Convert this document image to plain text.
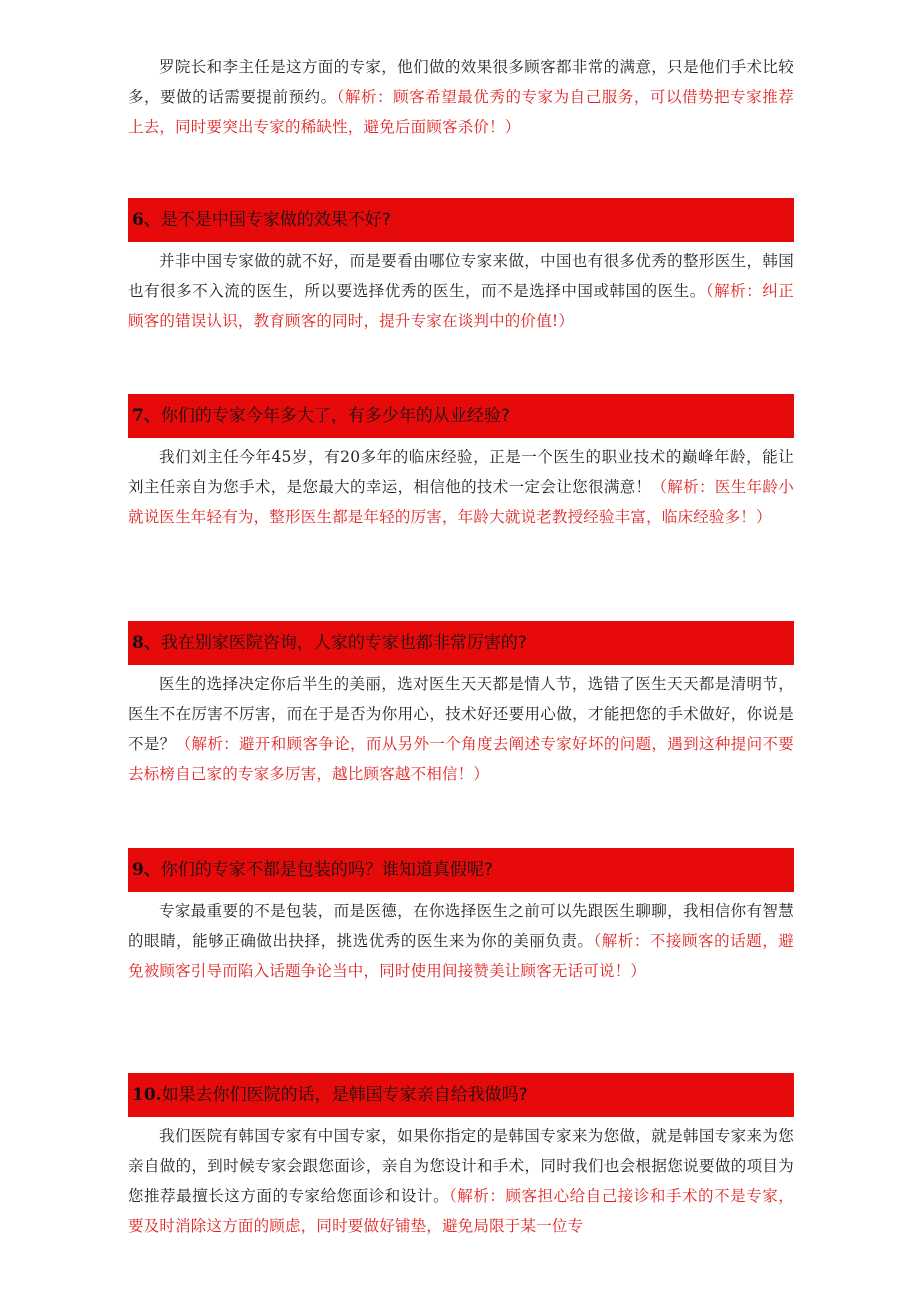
罗院长和李主任是这方面的专家，他们做的效果很多顾客都非常的满意，只是他们手术比较多，要做的话需要提前预约。（解析：顾客希望最优秀的专家为自己服务，可以借势把专家推荐上去，同时要突出专家的稀缺性，避免后面顾客杀价！）

6、是不是中国专家做的效果不好?

并非中国专家做的就不好，而是要看由哪位专家来做，中国也有很多优秀的整形医生，韩国也有很多不入流的医生，所以要选择优秀的医生，而不是选择中国或韩国的医生。（解析：纠正顾客的错误认识，教育顾客的同时，提升专家在谈判中的价值!）

7、你们的专家今年多大了，有多少年的从业经验?

我们刘主任今年45岁，有20多年的临床经验，正是一个医生的职业技术的巅峰年龄，能让刘主任亲自为您手术，是您最大的幸运，相信他的技术一定会让您很满意！（解析：医生年龄小就说医生年轻有为，整形医生都是年轻的厉害，年龄大就说老教授经验丰富，临床经验多！）

8、我在别家医院咨询，人家的专家也都非常厉害的?

医生的选择决定你后半生的美丽，选对医生天天都是情人节，选错了医生天天都是清明节，医生不在厉害不厉害，而在于是否为你用心，技术好还要用心做，才能把您的手术做好，你说是不是？（解析：避开和顾客争论，而从另外一个角度去阐述专家好坏的问题，遇到这种提问不要去标榜自己家的专家多厉害，越比顾客越不相信！）

9、你们的专家不都是包装的吗？谁知道真假呢?

专家最重要的不是包装，而是医德，在你选择医生之前可以先跟医生聊聊，我相信你有智慧的眼睛，能够正确做出抉择，挑选优秀的医生来为你的美丽负责。（解析：不接顾客的话题，避免被顾客引导而陷入话题争论当中，同时使用间接赞美让顾客无话可说！）

10.如果去你们医院的话，是韩国专家亲自给我做吗?

我们医院有韩国专家有中国专家，如果你指定的是韩国专家来为您做，就是韩国专家来为您亲自做的，到时候专家会跟您面诊，亲自为您设计和手术，同时我们也会根据您说要做的项目为您推荐最擅长这方面的专家给您面诊和设计。（解析：顾客担心给自己接诊和手术的不是专家，要及时消除这方面的顾虑，同时要做好铺垫，避免局限于某一位专
